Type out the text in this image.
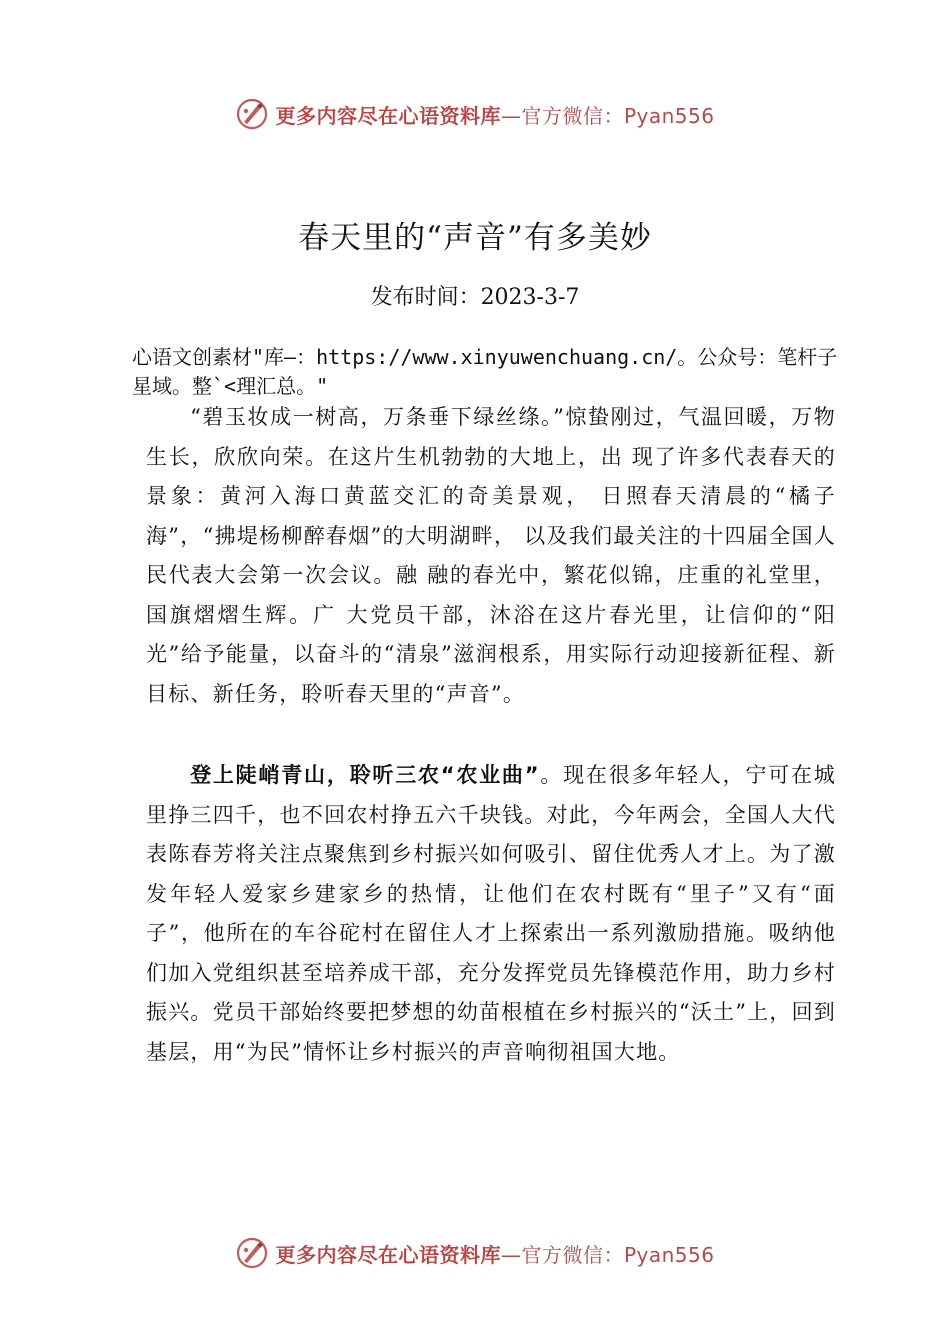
更多内容尽在心语资料库—官方微信：Pyan556
春天里的“声音”有多美妙
发布时间：2023-3-7
心语文创素材"库—：https://www.xinyuwenchuang.cn/。公众号：笔杆子星域。整`<理汇总。"

“碧玉妆成一树高，万条垂下绿丝绦。”惊蛰刚过，气温回暖，万物生长，欣欣向荣。在这片生机勃勃的大地上，出 现了许多代表春天的景象：黄河入海口黄蓝交汇的奇美景观， 日照春天清晨的“橘子海”，“拂堤杨柳醉春烟”的大明湖畔， 以及我们最关注的十四届全国人民代表大会第一次会议。融 融的春光中，繁花似锦，庄重的礼堂里，国旗熠熠生辉。广 大党员干部，沐浴在这片春光里，让信仰的“阳光”给予能量，以奋斗的“清泉”滋润根系，用实际行动迎接新征程、新目标、新任务，聆听春天里的“声音”。

登上陡峭青山，聆听三农“农业曲”。现在很多年轻人，宁可在城里挣三四千，也不回农村挣五六千块钱。对此，今年两会，全国人大代表陈春芳将关注点聚焦到乡村振兴如何吸引、留住优秀人才上。为了激发年轻人爱家乡建家乡的热情，让他们在农村既有“里子”又有“面子”，他所在的车谷砣村在留住人才上探索出一系列激励措施。吸纳他们加入党组织甚至培养成干部，充分发挥党员先锋模范作用，助力乡村振兴。党员干部始终要把梦想的幼苗根植在乡村振兴的“沃土”上，回到基层，用“为民”情怀让乡村振兴的声音响彻祖国大地。

更多内容尽在心语资料库—官方微信：Pyan556
